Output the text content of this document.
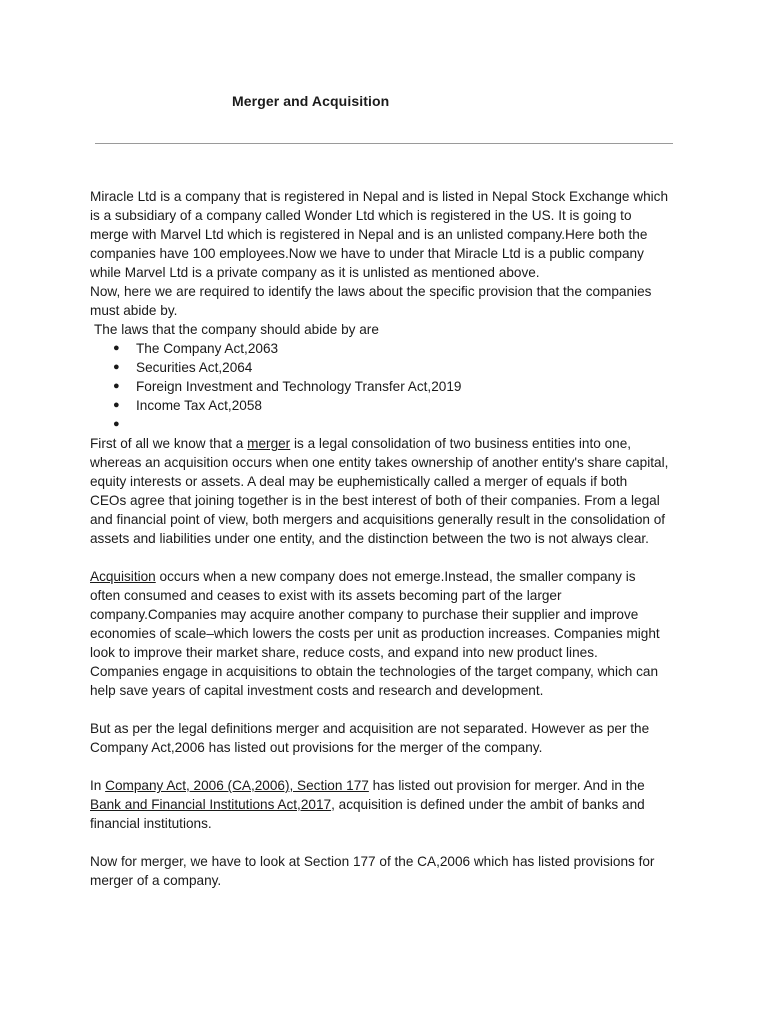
Merger and Acquisition
Miracle Ltd is a company that is registered in Nepal and is listed in Nepal Stock Exchange which
is a subsidiary of a company called Wonder Ltd which is registered in the US. It is going to
merge with Marvel Ltd which is registered in Nepal and is an unlisted company.Here both the
companies have 100 employees.Now we have to under that Miracle Ltd is a public company
while Marvel Ltd is a private company as it is unlisted as mentioned above.
Now, here we are required to identify the laws about the specific provision that the companies
must abide by.
The laws that the company should abide by are
● The Company Act,2063
● Securities Act,2064
● Foreign Investment and Technology Transfer Act,2019
● Income Tax Act,2058
●
First of all we know that a merger is a legal consolidation of two business entities into one,
whereas an acquisition occurs when one entity takes ownership of another entity's share capital,
equity interests or assets. A deal may be euphemistically called a merger of equals if both
CEOs agree that joining together is in the best interest of both of their companies. From a legal
and financial point of view, both mergers and acquisitions generally result in the consolidation of
assets and liabilities under one entity, and the distinction between the two is not always clear.
Acquisition occurs when a new company does not emerge.Instead, the smaller company is
often consumed and ceases to exist with its assets becoming part of the larger
company.Companies may acquire another company to purchase their supplier and improve
economies of scale–which lowers the costs per unit as production increases. Companies might
look to improve their market share, reduce costs, and expand into new product lines.
Companies engage in acquisitions to obtain the technologies of the target company, which can
help save years of capital investment costs and research and development.
But as per the legal definitions merger and acquisition are not separated. However as per the
Company Act,2006 has listed out provisions for the merger of the company.
In Company Act, 2006 (CA,2006), Section 177 has listed out provision for merger. And in the
Bank and Financial Institutions Act,2017, acquisition is defined under the ambit of banks and
financial institutions.
Now for merger, we have to look at Section 177 of the CA,2006 which has listed provisions for
merger of a company.
